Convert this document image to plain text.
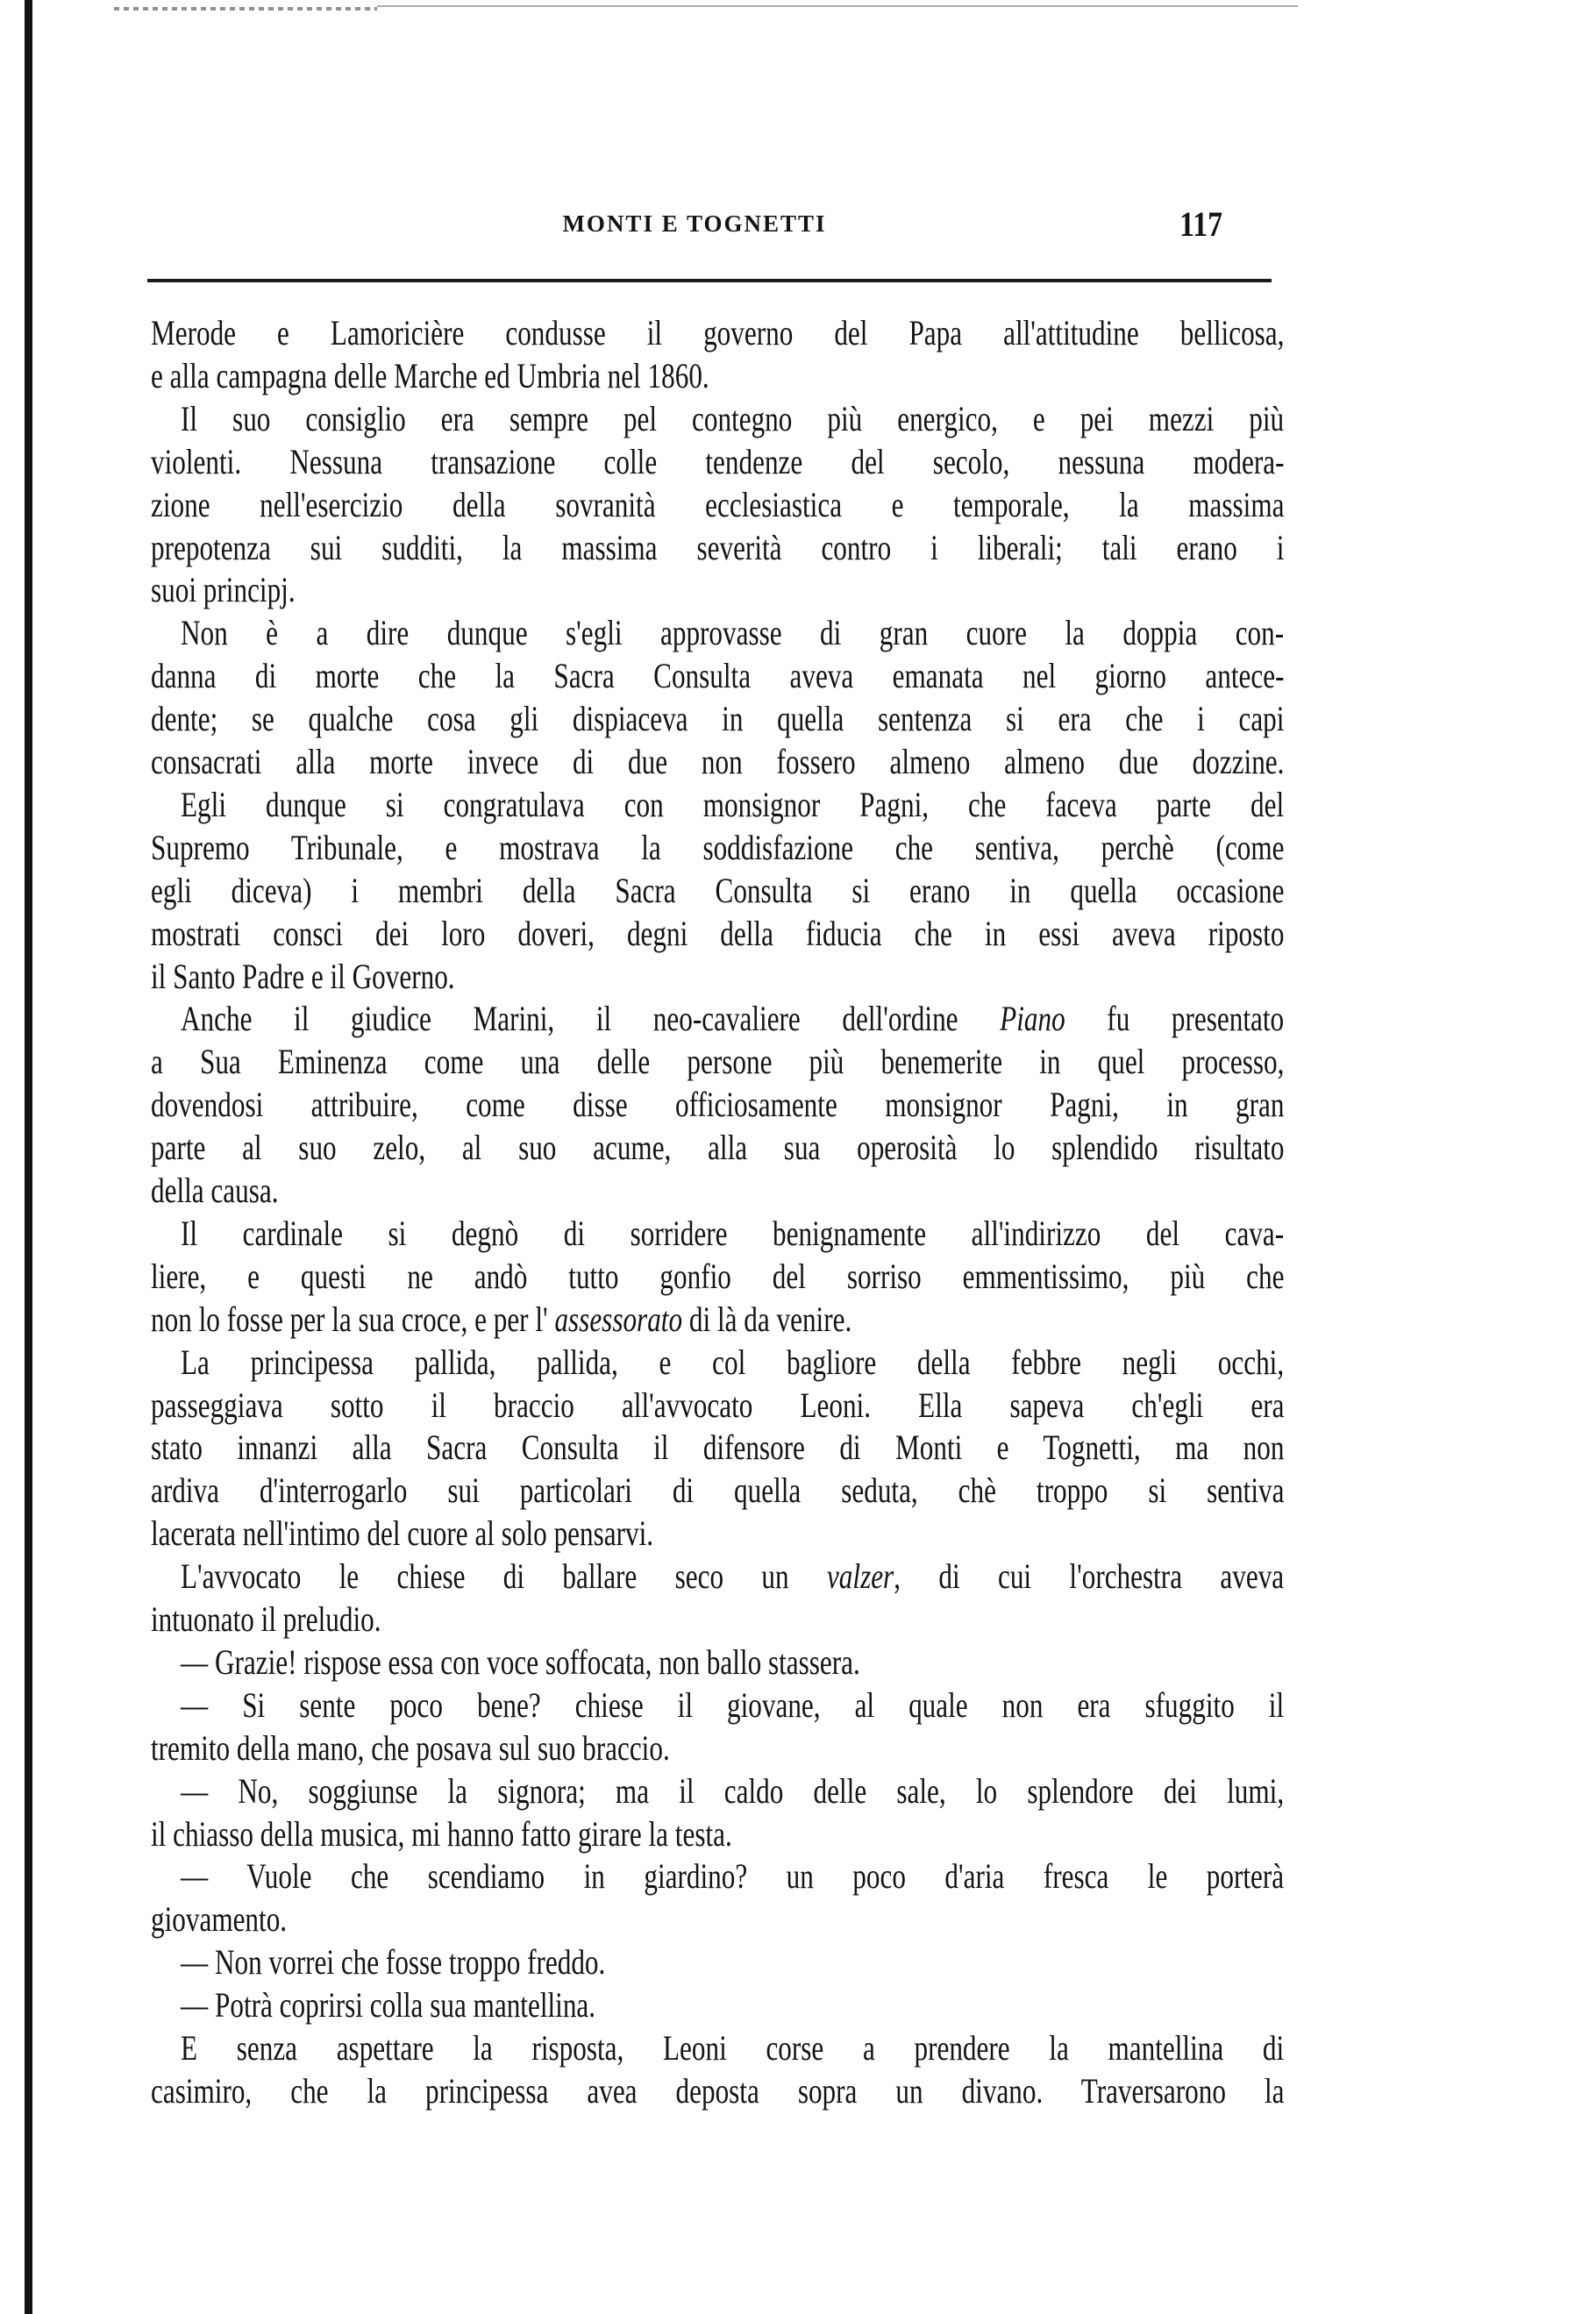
MONTI E TOGNETTI	117
Merode e Lamoricière condusse il governo del Papa all'attitudine bellicosa,
e alla campagna delle Marche ed Umbria nel 1860.
Il suo consiglio era sempre pel contegno più energico, e pei mezzi più
violenti. Nessuna transazione colle tendenze del secolo, nessuna modera-
zione nell'esercizio della sovranità ecclesiastica e temporale, la massima
prepotenza sui sudditi, la massima severità contro i liberali; tali erano i
suoi principj.
Non è a dire dunque s'egli approvasse di gran cuore la doppia con-
danna di morte che la Sacra Consulta aveva emanata nel giorno antece-
dente; se qualche cosa gli dispiaceva in quella sentenza si era che i capi
consacrati alla morte invece di due non fossero almeno almeno due dozzine.
Egli dunque si congratulava con monsignor Pagni, che faceva parte del
Supremo Tribunale, e mostrava la soddisfazione che sentiva, perchè (come
egli diceva) i membri della Sacra Consulta si erano in quella occasione
mostrati consci dei loro doveri, degni della fiducia che in essi aveva riposto
il Santo Padre e il Governo.
Anche il giudice Marini, il neo-cavaliere dell'ordine Piano fu presentato
a Sua Eminenza come una delle persone più benemerite in quel processo,
dovendosi attribuire, come disse officiosamente monsignor Pagni, in gran
parte al suo zelo, al suo acume, alla sua operosità lo splendido risultato
della causa.
Il cardinale si degnò di sorridere benignamente all'indirizzo del cava-
liere, e questi ne andò tutto gonfio del sorriso emmentissimo, più che
non lo fosse per la sua croce, e per l' assessorato di là da venire.
La principessa pallida, pallida, e col bagliore della febbre negli occhi,
passeggiava sotto il braccio all'avvocato Leoni. Ella sapeva ch'egli era
stato innanzi alla Sacra Consulta il difensore di Monti e Tognetti, ma non
ardiva d'interrogarlo sui particolari di quella seduta, chè troppo si sentiva
lacerata nell'intimo del cuore al solo pensarvi.
L'avvocato le chiese di ballare seco un valzer, di cui l'orchestra aveva
intuonato il preludio.
— Grazie! rispose essa con voce soffocata, non ballo stassera.
— Si sente poco bene? chiese il giovane, al quale non era sfuggito il
tremito della mano, che posava sul suo braccio.
— No, soggiunse la signora; ma il caldo delle sale, lo splendore dei lumi,
il chiasso della musica, mi hanno fatto girare la testa.
— Vuole che scendiamo in giardino? un poco d'aria fresca le porterà
giovamento.
— Non vorrei che fosse troppo freddo.
— Potrà coprirsi colla sua mantellina.
E senza aspettare la risposta, Leoni corse a prendere la mantellina di
casimiro, che la principessa avea deposta sopra un divano. Traversarono la
